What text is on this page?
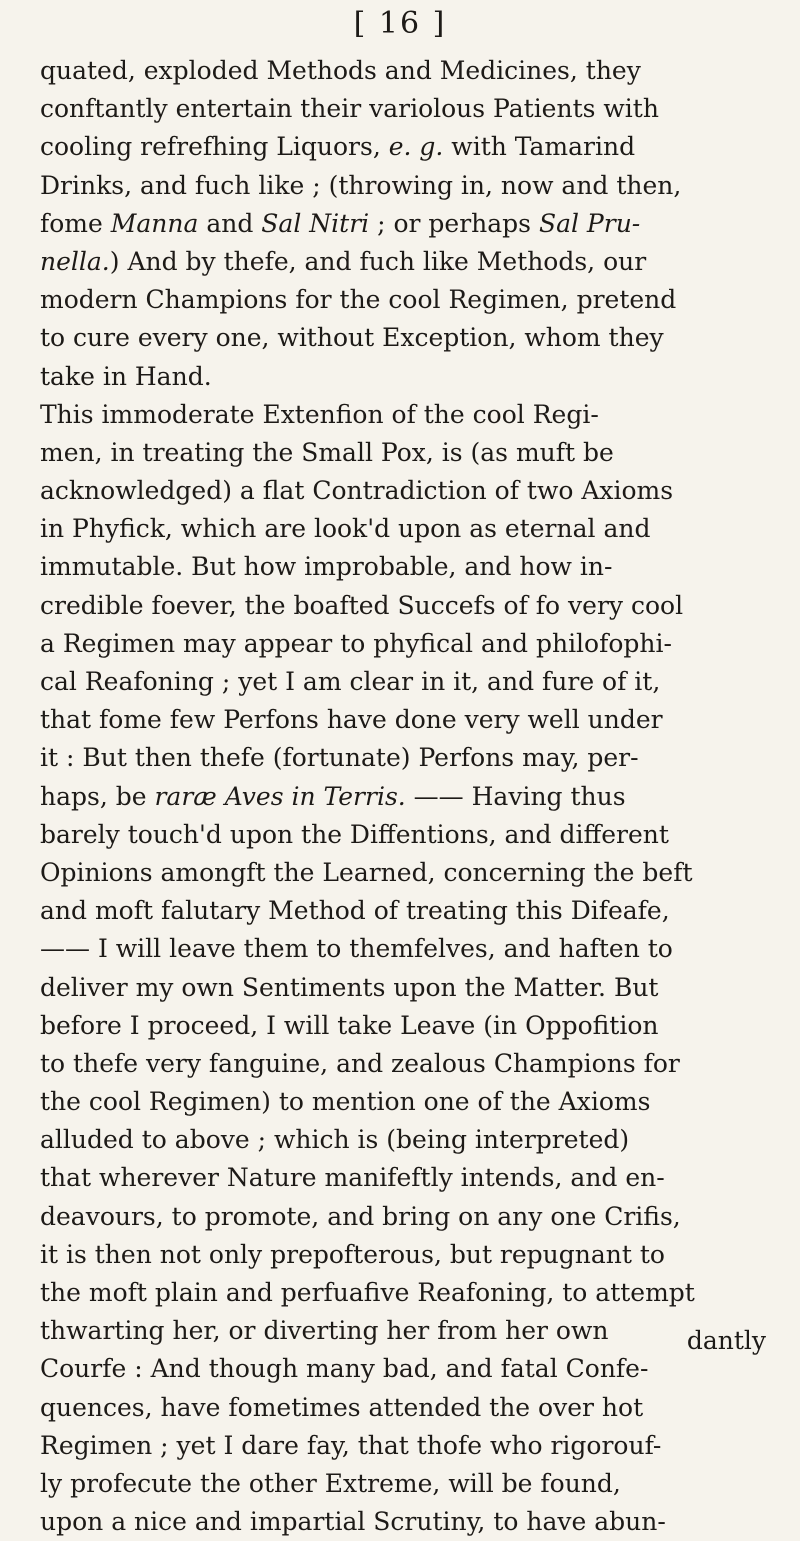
[ 16 ]
quated, exploded Methods and Medicines, they
conftantly entertain their variolous Patients with
cooling refrefhing Liquors, e. g. with Tamarind
Drinks, and fuch like ; (throwing in, now and then,
fome Manna and Sal Nitri ; or perhaps Sal Pru-
nella.) And by thefe, and fuch like Methods, our
modern Champions for the cool Regimen, pretend
to cure every one, without Exception, whom they
take in Hand.
This immoderate Extenfion of the cool Regi-
men, in treating the Small Pox, is (as muft be
acknowledged) a flat Contradiction of two Axioms
in Phyfick, which are look'd upon as eternal and
immutable. But how improbable, and how in-
credible foever, the boafted Succefs of fo very cool
a Regimen may appear to phyfical and philofophi-
cal Reafoning ; yet I am clear in it, and fure of it,
that fome few Perfons have done very well under
it : But then thefe (fortunate) Perfons may, per-
haps, be raræ Aves in Terris. —— Having thus
barely touch'd upon the Diffentions, and different
Opinions amongft the Learned, concerning the beft
and moft falutary Method of treating this Difeafe,
—— I will leave them to themfelves, and haften to
deliver my own Sentiments upon the Matter. But
before I proceed, I will take Leave (in Oppofition
to thefe very fanguine, and zealous Champions for
the cool Regimen) to mention one of the Axioms
alluded to above ; which is (being interpreted)
that wherever Nature manifeftly intends, and en-
deavours, to promote, and bring on any one Crifis,
it is then not only prepofterous, but repugnant to
the moft plain and perfuafive Reafoning, to attempt
thwarting her, or diverting her from her own
Courfe : And though many bad, and fatal Confe-
quences, have fometimes attended the over hot
Regimen ; yet I dare fay, that thofe who rigorouf-
ly profecute the other Extreme, will be found,
upon a nice and impartial Scrutiny, to have abun-
dantly
